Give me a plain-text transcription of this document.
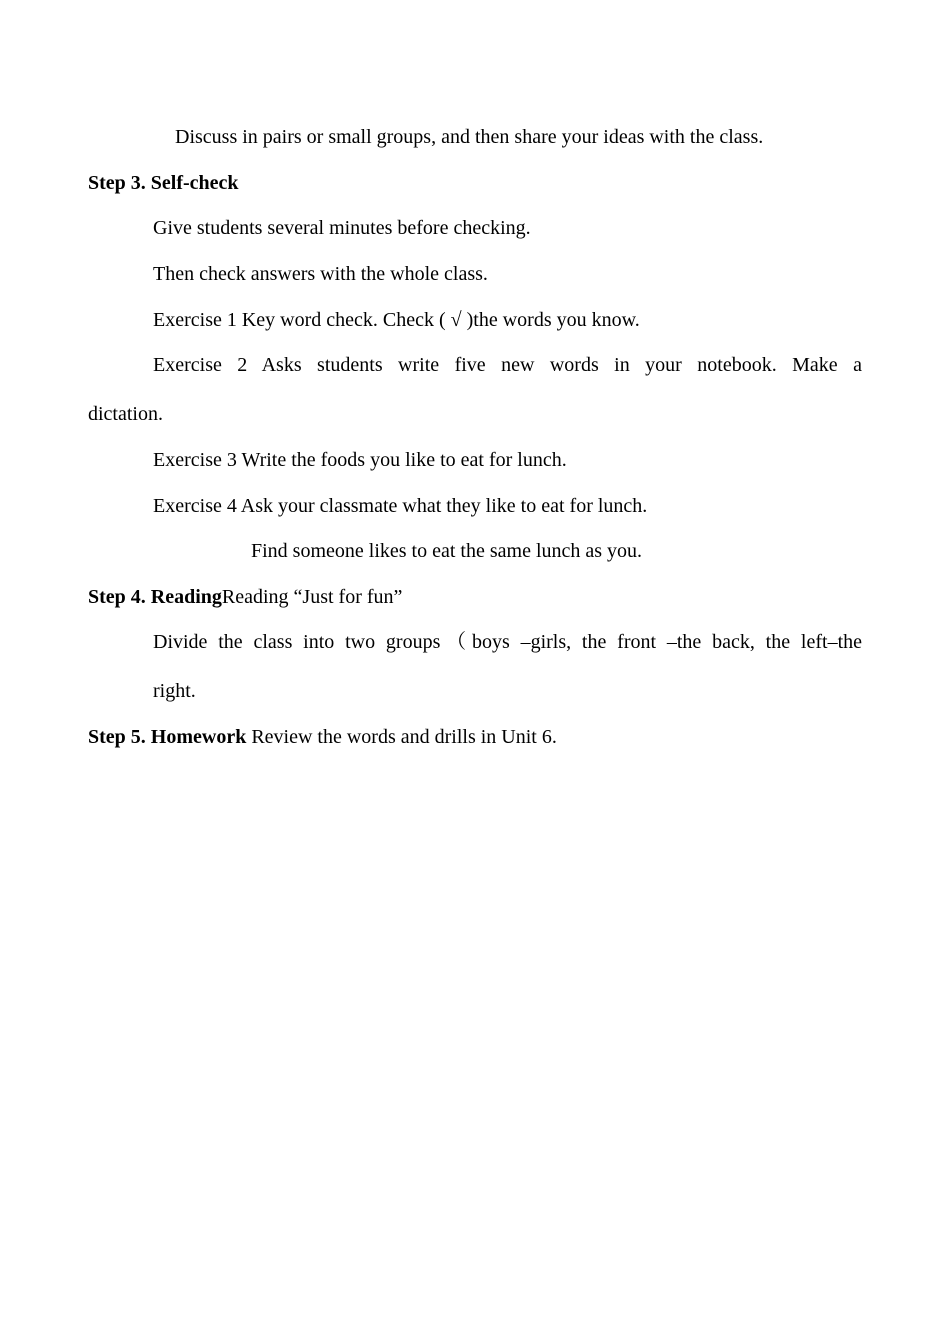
Discuss in pairs or small groups, and then share your ideas with the class.
Step 3. Self-check
Give students several minutes before checking.
Then check answers with the whole class.
Exercise 1 Key word check. Check ( √ )the words you know.
Exercise 2 Asks students write five new words in your notebook. Make a
dictation.
Exercise 3 Write the foods you like to eat for lunch.
Exercise 4 Ask your classmate what they like to eat for lunch.
Find someone likes to eat the same lunch as you.
Step 4. ReadingReading “Just for fun”
Divide the class into two groups（boys –girls, the front –the back, the left–the
right.
Step 5. Homework Review the words and drills in Unit 6.
